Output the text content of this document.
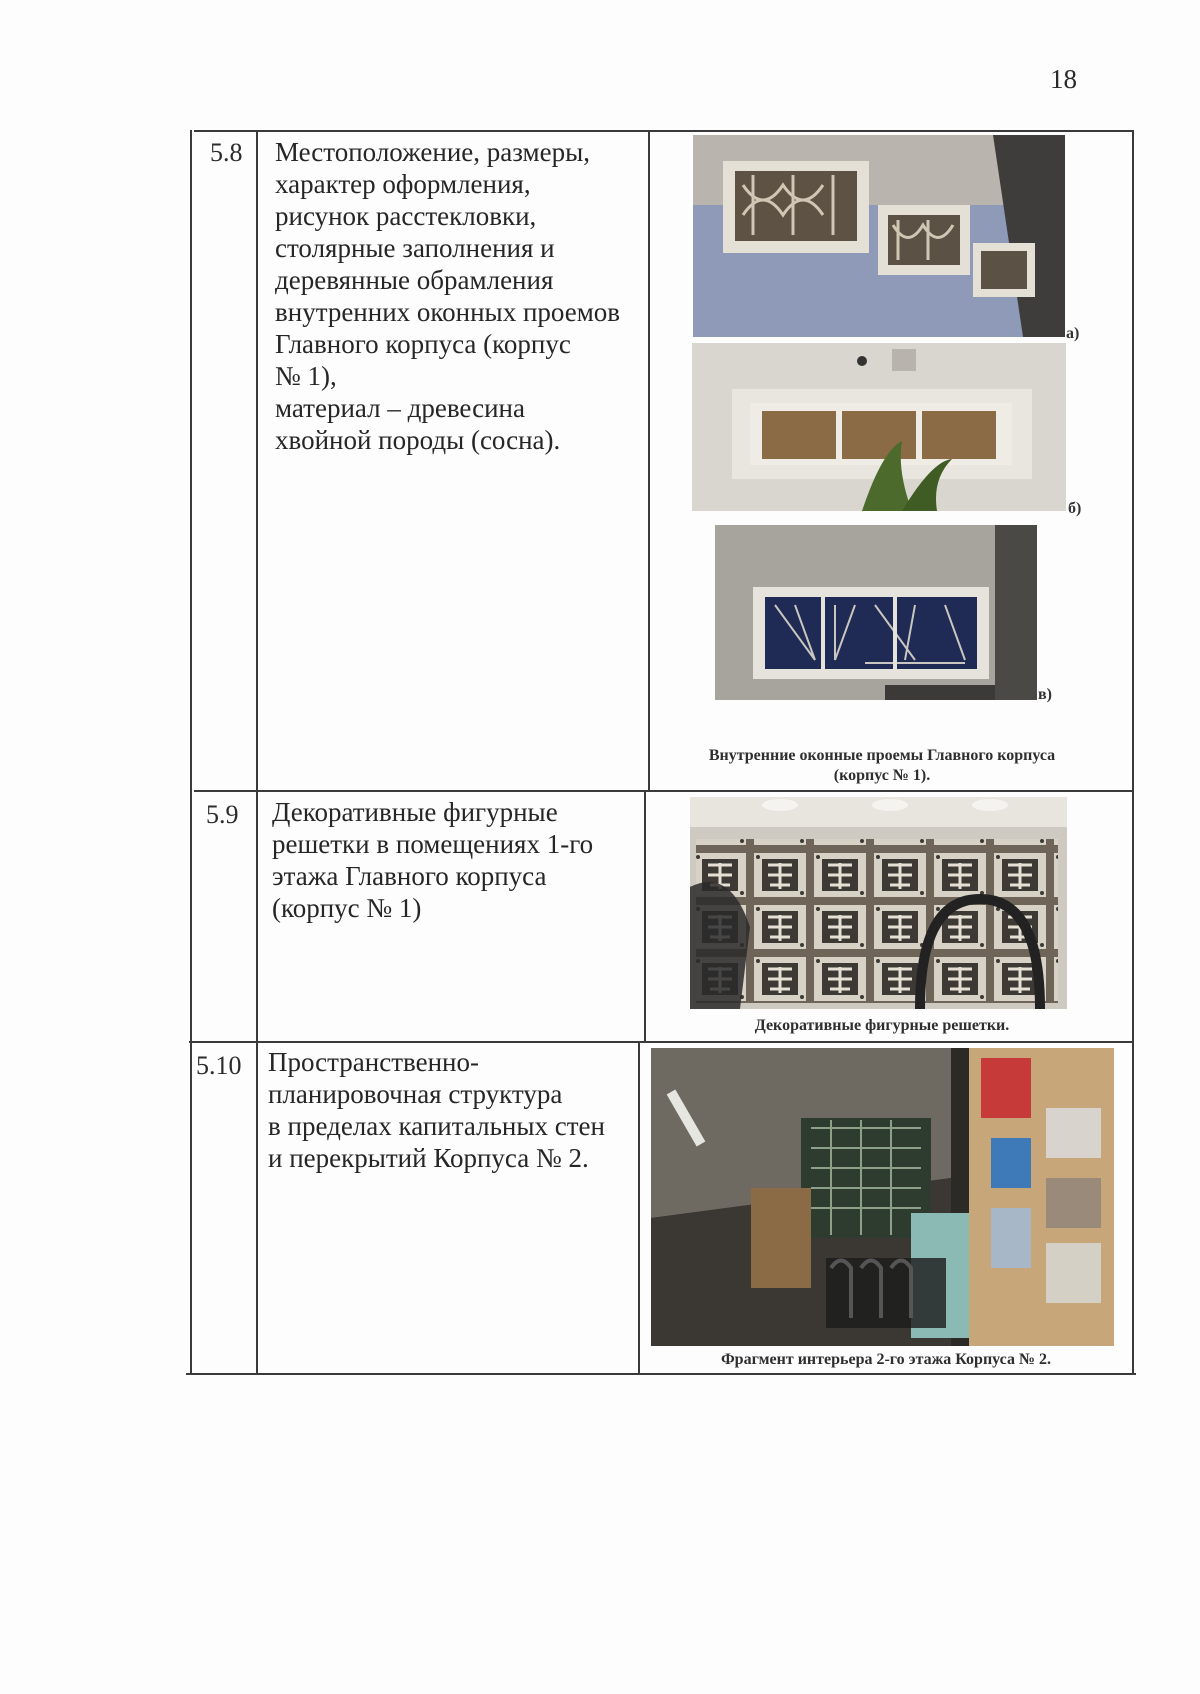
18
5.8 Местоположение, размеры,
характер оформления,
рисунок расстекловки,
столярные заполнения и
деревянные обрамления
внутренних оконных проемов
Главного корпуса (корпус
№ 1),
материал – древесина
хвойной породы (сосна).
а)
б)
в)
Внутренние оконные проемы Главного корпуса
(корпус № 1).
5.9 Декоративные фигурные
решетки в помещениях 1-го
этажа Главного корпуса
(корпус № 1)
Декоративные фигурные решетки.
5.10 Пространственно-
планировочная структура
в пределах капитальных стен
и перекрытий Корпуса № 2.
Фрагмент интерьера 2-го этажа Корпуса № 2.
